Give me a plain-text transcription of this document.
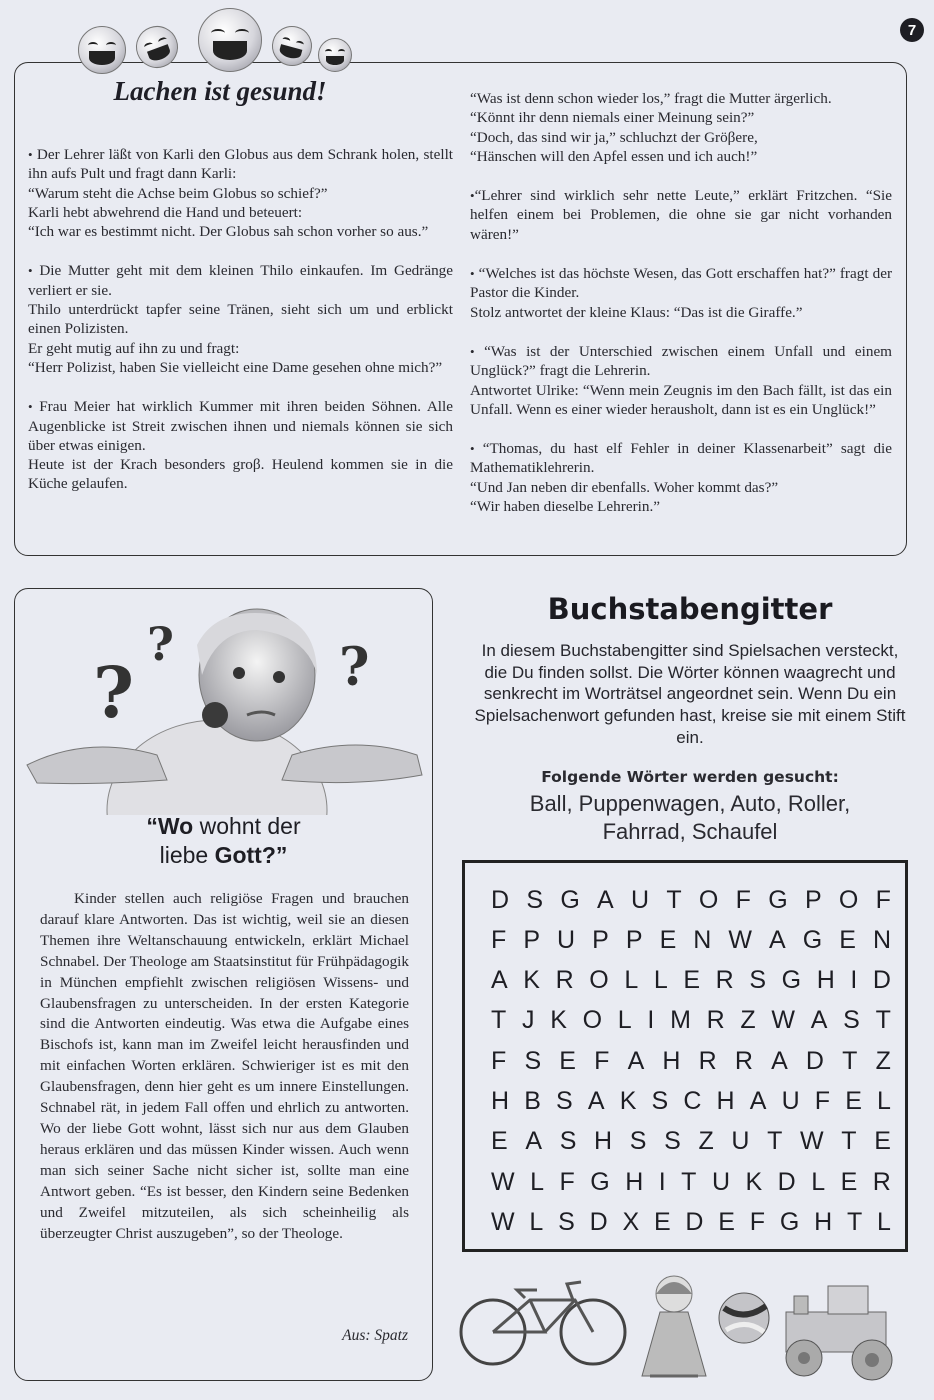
7
Lachen ist gesund!

• Der Lehrer läßt von Karli den Globus aus dem Schrank holen, stellt ihn aufs Pult und fragt dann Karli:

“Warum steht die Achse beim Globus so schief?”

Karli hebt abwehrend die Hand und beteuert:

“Ich war es bestimmt nicht. Der Globus sah schon vorher so aus.”

• Die Mutter geht mit dem kleinen Thilo einkaufen. Im Gedränge verliert er sie.

Thilo unterdrückt tapfer seine Tränen, sieht sich um und erblickt einen Polizisten.

Er geht mutig auf ihn zu und fragt:

“Herr Polizist, haben Sie vielleicht eine Dame gesehen ohne mich?”

• Frau Meier hat wirklich Kummer mit ihren beiden Söhnen. Alle Augenblicke ist Streit zwischen ihnen und niemals können sie sich über etwas einigen.

Heute ist der Krach besonders groβ. Heulend kommen sie in die Küche gelaufen.

“Was ist denn schon wieder los,” fragt die Mutter ärgerlich.

“Könnt ihr denn niemals einer Meinung sein?”

“Doch, das sind wir ja,” schluchzt der Gröβere,

“Hänschen will den Apfel essen und ich auch!”

•“Lehrer sind wirklich sehr nette Leute,” erklärt Fritzchen. “Sie helfen einem bei Problemen, die ohne sie gar nicht vorhanden wären!”

• “Welches ist das höchste Wesen, das Gott erschaffen hat?” fragt der Pastor die Kinder.

Stolz antwortet der kleine Klaus: “Das ist die Giraffe.”

• “Was ist der Unterschied zwischen einem Unfall und einem Unglück?” fragt die Lehrerin.

Antwortet Ulrike: “Wenn mein Zeugnis im den Bach fällt, ist das ein Unfall. Wenn es einer wieder herausholt, dann ist es ein Unglück!”

• “Thomas, du hast elf Fehler in deiner Klassenarbeit” sagt die Mathematiklehrerin.

“Und Jan neben dir ebenfalls. Woher kommt das?”

“Wir haben dieselbe Lehrerin.”

?
?	?
“Wo wohnt der
liebe Gott?”

Kinder stellen auch religiöse Fragen und brauchen darauf klare Antworten. Das ist wichtig, weil sie an diesen Themen ihre Weltanschauung entwickeln, erklärt Michael Schnabel. Der Theologe am Staatsinstitut für Frühpädagogik in München empfiehlt zwischen religiösen Wissens- und Glaubensfragen zu unterscheiden. In der ersten Kategorie sind die Antworten eindeutig. Was etwa die Aufgabe eines Bischofs ist, kann man im Zweifel leicht herausfinden und mit einfachen Worten erklären. Schwieriger ist es mit den Glaubensfragen, denn hier geht es um innere Einstellungen. Schnabel rät, in jedem Fall offen und ehrlich zu antworten. Wo der liebe Gott wohnt, lässt sich nur aus dem Glauben heraus erklären und das müssen Kinder wissen. Auch wenn man sich seiner Sache nicht sicher ist, sollte man eine Antwort geben. “Es ist besser, den Kindern seine Bedenken und Zweifel mitzuteilen, als sich scheinheilig als überzeugter Christ auszugeben”, so der Theologe.

Aus: Spatz
Buchstabengitter

In diesem Buchstabengitter sind Spielsachen versteckt, die Du finden sollst. Die Wörter können waagrecht und senkrecht im Worträtsel angeordnet sein. Wenn Du ein Spielsachenwort gefunden hast, kreise sie mit einem Stift ein.

Folgende Wörter werden gesucht:

Ball, Puppenwagen, Auto, Roller,
Fahrrad, Schaufel

D S G A U T O F G P O F
F P U P P E N W A G E N
A K R O L L E R S G H I D
T J K O L I M R Z W A S T
F S E F A H R R A D T Z
H B S A K S C H A U F E L
E A S H S S Z U T W T E
W L F G H I T U K D L E R
W L S D X E D E F G H T L
